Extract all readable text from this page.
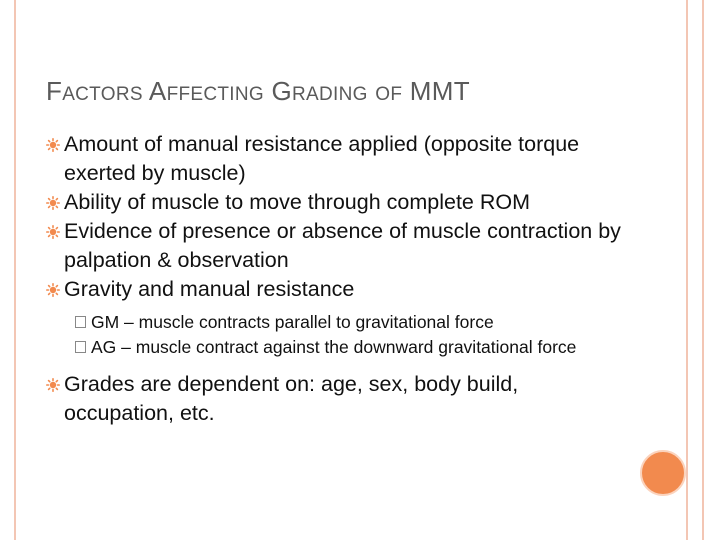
FACTORS AFFECTING GRADING OF MMT
Amount of manual resistance applied (opposite torque exerted by muscle)
Ability of muscle to move through complete ROM
Evidence of presence or absence of muscle contraction by palpation & observation
Gravity and manual resistance
GM – muscle contracts parallel to gravitational force
AG – muscle contract against the downward gravitational force
Grades are dependent on: age, sex, body build, occupation, etc.
